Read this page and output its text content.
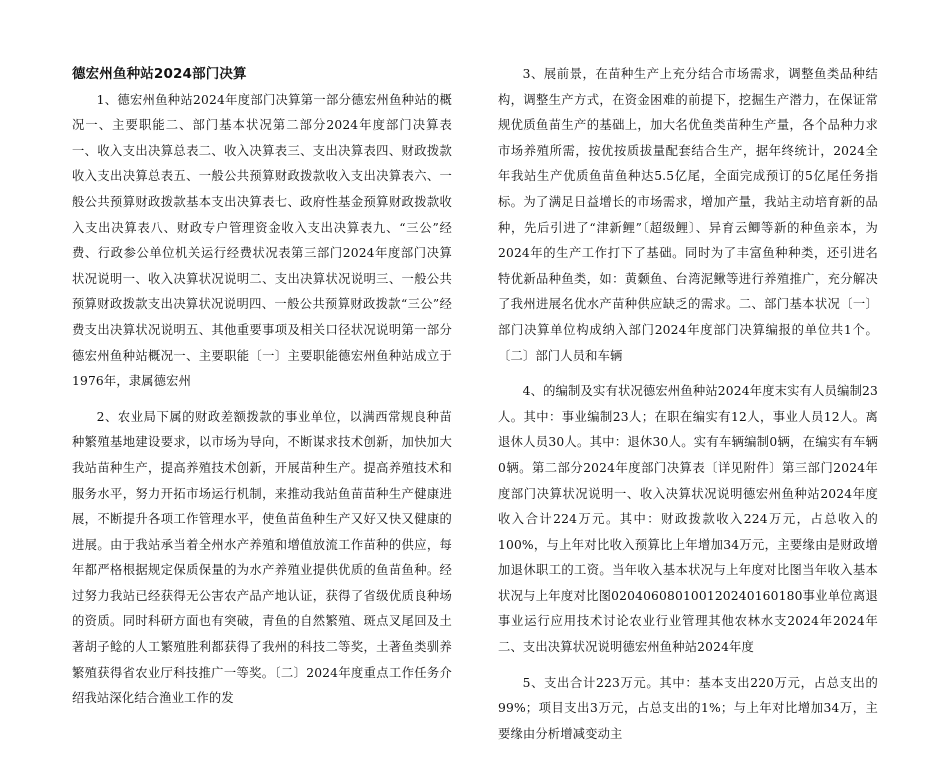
德宏州鱼种站2024部门决算

1、德宏州鱼种站2024年度部门决算第一部分德宏州鱼种站的概况一、主要职能二、部门基本状况第二部分2024年度部门决算表一、收入支出决算总表二、收入决算表三、支出决算表四、财政拨款收入支出决算总表五、一般公共预算财政拨款收入支出决算表六、一般公共预算财政拨款基本支出决算表七、政府性基金预算财政拨款收入支出决算表八、财政专户管理资金收入支出决算表九、“三公”经费、行政参公单位机关运行经费状况表第三部门2024年度部门决算状况说明一、收入决算状况说明二、支出决算状况说明三、一般公共预算财政拨款支出决算状况说明四、一般公共预算财政拨款“三公”经费支出决算状况说明五、其他重要事项及相关口径状况说明第一部分德宏州鱼种站概况一、主要职能〔一〕主要职能德宏州鱼种站成立于1976年，隶属德宏州

2、农业局下属的财政差额拨款的事业单位，以满西常规良种苗种繁殖基地建设要求，以市场为导向，不断谋求技术创新，加快加大我站苗种生产，提高养殖技术创新，开展苗种生产。提高养殖技术和服务水平，努力开拓市场运行机制，来推动我站鱼苗苗种生产健康进展，不断提升各项工作管理水平，使鱼苗鱼种生产又好又快又健康的进展。由于我站承当着全州水产养殖和增值放流工作苗种的供应，每年都严格根据规定保质保量的为水产养殖业提供优质的鱼苗鱼种。经过努力我站已经获得无公害农产品产地认证，获得了省级优质良种场的资质。同时科研方面也有突破，青鱼的自然繁殖、斑点叉尾回及土著胡子鲶的人工繁殖胜利都获得了我州的科技二等奖，土著鱼类驯养繁殖获得省农业厅科技推广一等奖。〔二〕2024年度重点工作任务介绍我站深化结合渔业工作的发

3、展前景，在苗种生产上充分结合市场需求，调整鱼类品种结构，调整生产方式，在资金困难的前提下，挖掘生产潜力，在保证常规优质鱼苗生产的基础上，加大名优鱼类苗种生产量，各个品种力求市场养殖所需，按优按质拔量配套结合生产，据年终统计，2024全年我站生产优质鱼苗鱼种达5.5亿尾，全面完成预订的5亿尾任务指标。为了满足日益增长的市场需求，增加产量，我站主动培育新的品种，先后引进了“津新鲤”〔超级鲤〕、异育云鲫等新的种鱼亲本，为2024年的生产工作打下了基础。同时为了丰富鱼种种类，还引进名特优新品种鱼类，如：黄颡鱼、台湾泥鳅等进行养殖推广，充分解决了我州进展名优水产苗种供应缺乏的需求。二、部门基本状况〔一〕部门决算单位构成纳入部门2024年度部门决算编报的单位共1个。〔二〕部门人员和车辆

4、的编制及实有状况德宏州鱼种站2024年度末实有人员编制23人。其中：事业编制23人；在职在编实有12人，事业人员12人。离退休人员30人。其中：退休30人。实有车辆编制0辆，在编实有车辆0辆。第二部分2024年度部门决算表〔详见附件〕第三部门2024年度部门决算状况说明一、收入决算状况说明德宏州鱼种站2024年度收入合计224万元。其中：财政拨款收入224万元，占总收入的100%，与上年对比收入预算比上年增加34万元，主要缘由是财政增加退休职工的工资。当年收入基本状况与上年度对比图当年收入基本状况与上年度对比图020406080100120240160180事业单位离退事业运行应用技术讨论农业行业管理其他农林水支2024年2024年二、支出决算状况说明德宏州鱼种站2024年度

5、支出合计223万元。其中：基本支出220万元，占总支出的99%；项目支出3万元，占总支出的1%；与上年对比增加34万，主要缘由分析增减变动主
